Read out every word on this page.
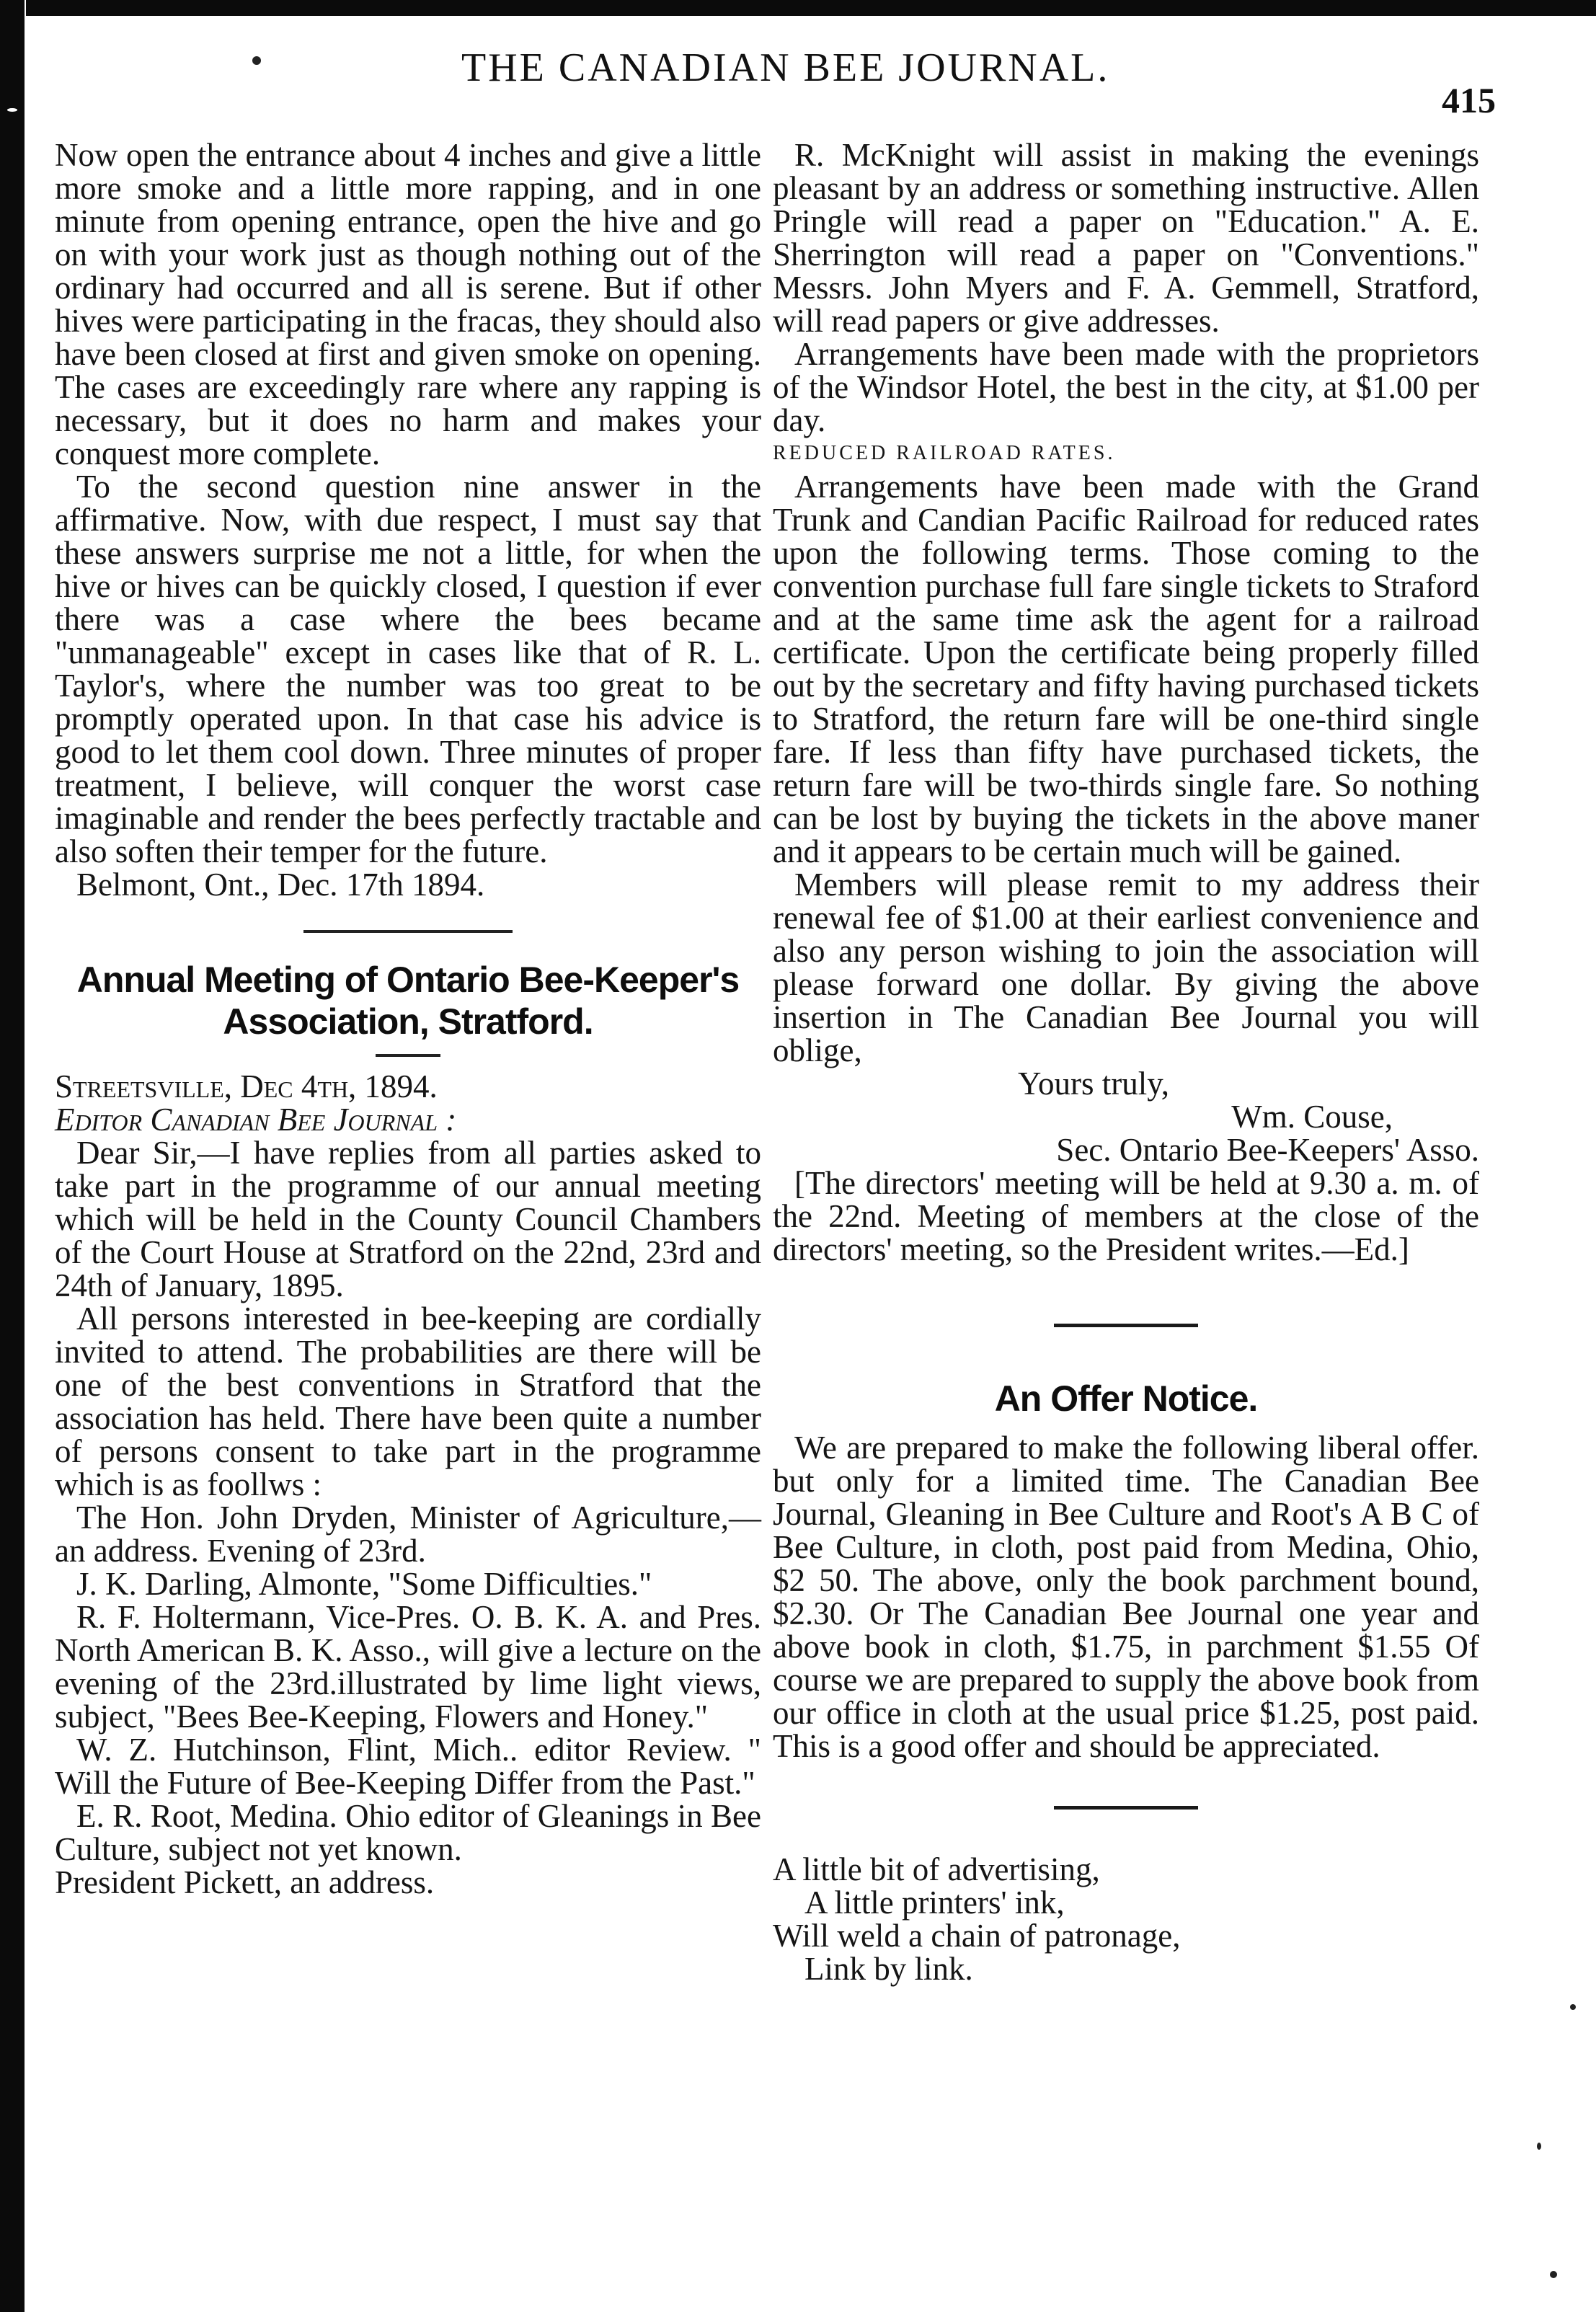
THE CANADIAN BEE JOURNAL.
415

Now open the entrance about 4 inches and give a little more smoke and a little more rapping, and in one minute from opening entrance, open the hive and go on with your work just as though nothing out of the ordinary had occurred and all is serene. But if other hives were participating in the fracas, they should also have been closed at first and given smoke on opening. The cases are exceedingly rare where any rapping is necessary, but it does no harm and makes your conquest more complete.

To the second question nine answer in the affirmative. Now, with due respect, I must say that these answers surprise me not a little, for when the hive or hives can be quickly closed, I question if ever there was a case where the bees became "unmanageable" except in cases like that of R. L. Taylor's, where the number was too great to be promptly operated upon. In that case his advice is good to let them cool down. Three minutes of proper treatment, I believe, will conquer the worst case imaginable and render the bees perfectly tractable and also soften their temper for the future.

Belmont, Ont., Dec. 17th 1894.

Annual Meeting of Ontario Bee-Keeper's Association, Stratford.

Streetsville, Dec 4th, 1894.

Editor Canadian Bee Journal :

Dear Sir,—I have replies from all parties asked to take part in the programme of our annual meeting which will be held in the County Council Chambers of the Court House at Stratford on the 22nd, 23rd and 24th of January, 1895.

All persons interested in bee-keeping are cordially invited to attend. The probabilities are there will be one of the best conventions in Stratford that the association has held. There have been quite a number of persons consent to take part in the programme which is as foollws :

The Hon. John Dryden, Minister of Agriculture,—an address. Evening of 23rd.

J. K. Darling, Almonte, "Some Difficulties."

R. F. Holtermann, Vice-Pres. O. B. K. A. and Pres. North American B. K. Asso., will give a lecture on the evening of the 23rd.illustrated by lime light views, subject, "Bees Bee-Keeping, Flowers and Honey."

W. Z. Hutchinson, Flint, Mich.. editor Review. " Will the Future of Bee-Keeping Differ from the Past."

E. R. Root, Medina. Ohio editor of Gleanings in Bee Culture, subject not yet known.

President Pickett, an address.

R. McKnight will assist in making the evenings pleasant by an address or something instructive. Allen Pringle will read a paper on "Education." A. E. Sherrington will read a paper on "Conventions." Messrs. John Myers and F. A. Gemmell, Stratford, will read papers or give addresses.

Arrangements have been made with the proprietors of the Windsor Hotel, the best in the city, at $1.00 per day.

REDUCED RAILROAD RATES.

Arrangements have been made with the Grand Trunk and Candian Pacific Railroad for reduced rates upon the following terms. Those coming to the convention purchase full fare single tickets to Straford and at the same time ask the agent for a railroad certificate. Upon the certificate being properly filled out by the secretary and fifty having purchased tickets to Stratford, the return fare will be one-third single fare. If less than fifty have purchased tickets, the return fare will be two-thirds single fare. So nothing can be lost by buying the tickets in the above maner and it appears to be certain much will be gained.

Members will please remit to my address their renewal fee of $1.00 at their earliest convenience and also any person wishing to join the association will please forward one dollar. By giving the above insertion in The Canadian Bee Journal you will oblige,

Yours truly,

Wm. Couse,

Sec. Ontario Bee-Keepers' Asso.

[The directors' meeting will be held at 9.30 a. m. of the 22nd. Meeting of members at the close of the directors' meeting, so the President writes.—Ed.]

An Offer Notice.

We are prepared to make the following liberal offer. but only for a limited time. The Canadian Bee Journal, Gleaning in Bee Culture and Root's A B C of Bee Culture, in cloth, post paid from Medina, Ohio, $2 50. The above, only the book parchment bound, $2.30. Or The Canadian Bee Journal one year and above book in cloth, $1.75, in parchment $1.55 Of course we are prepared to supply the above book from our office in cloth at the usual price $1.25, post paid. This is a good offer and should be appreciated.

A little bit of advertising,

A little printers' ink,

Will weld a chain of patronage,

Link by link.
